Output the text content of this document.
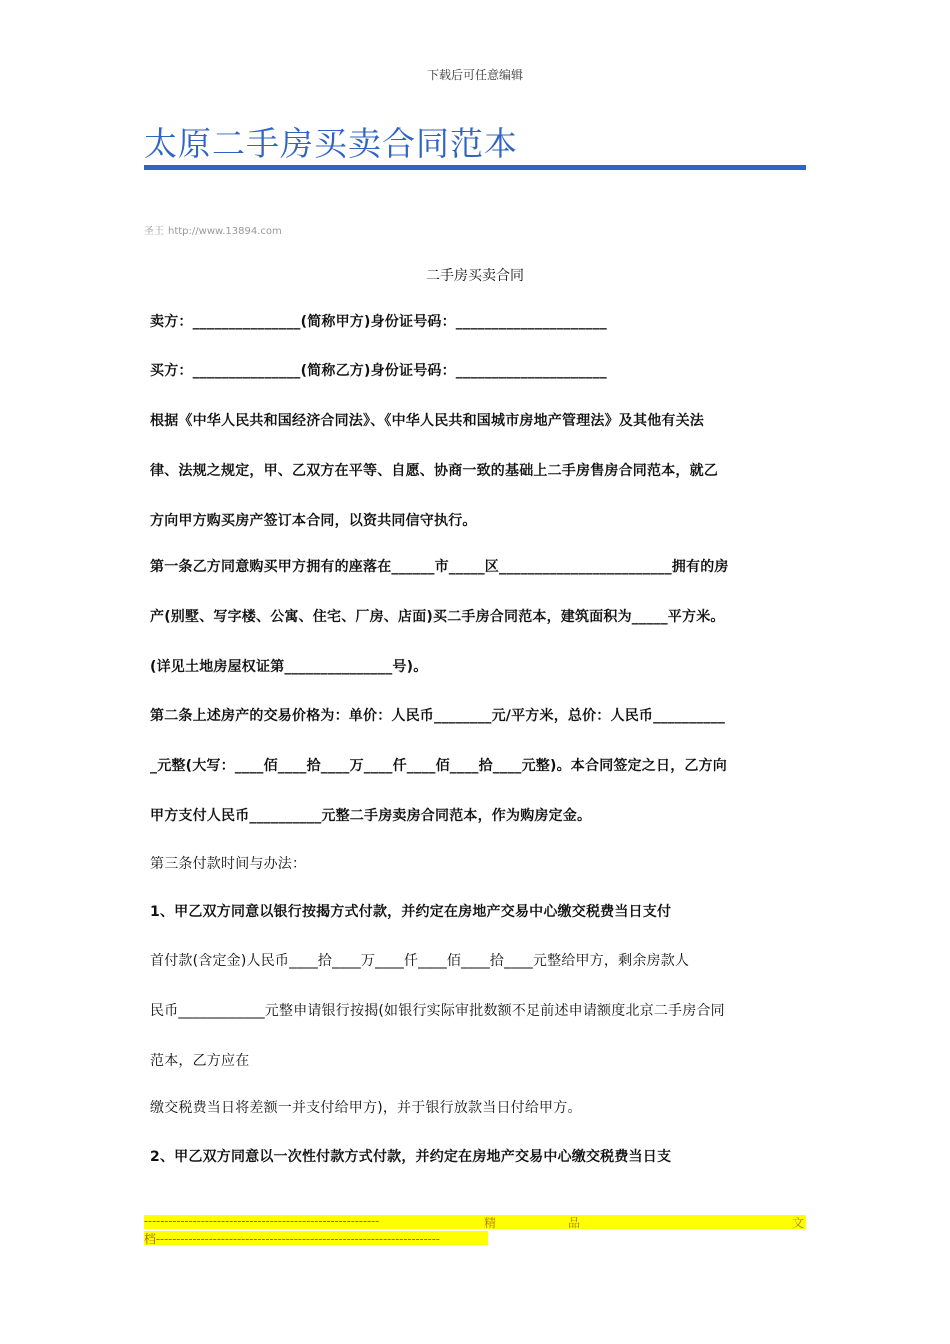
下载后可任意编辑
太原二手房买卖合同范本
圣王 http://www.13894.com
二手房买卖合同
卖方：_______________(简称甲方)身份证号码：_____________________
买方：_______________(简称乙方)身份证号码：_____________________
根据《中华人民共和国经济合同法》、《中华人民共和国城市房地产管理法》及其他有关法
律、法规之规定，甲、乙双方在平等、自愿、协商一致的基础上二手房售房合同范本，就乙
方向甲方购买房产签订本合同，以资共同信守执行。
第一条乙方同意购买甲方拥有的座落在______市_____区________________________拥有的房
产(别墅、写字楼、公寓、住宅、厂房、店面)买二手房合同范本，建筑面积为_____平方米。
(详见土地房屋权证第_______________号)。
第二条上述房产的交易价格为：单价：人民币________元/平方米，总价：人民币__________
_元整(大写：____佰____拾____万____仟____佰____拾____元整)。本合同签定之日，乙方向
甲方支付人民币__________元整二手房卖房合同范本，作为购房定金。
第三条付款时间与办法：
1、甲乙双方同意以银行按揭方式付款，并约定在房地产交易中心缴交税费当日支付
首付款(含定金)人民币____拾____万____仟____佰____拾____元整给甲方，剩余房款人
民币____________元整申请银行按揭(如银行实际审批数额不足前述申请额度北京二手房合同
范本，乙方应在
缴交税费当日将差额一并支付给甲方)，并于银行放款当日付给甲方。
2、甲乙双方同意以一次性付款方式付款，并约定在房地产交易中心缴交税费当日支
----------------------------------------------------------	精	品	文
档----------------------------------------------------------------------
